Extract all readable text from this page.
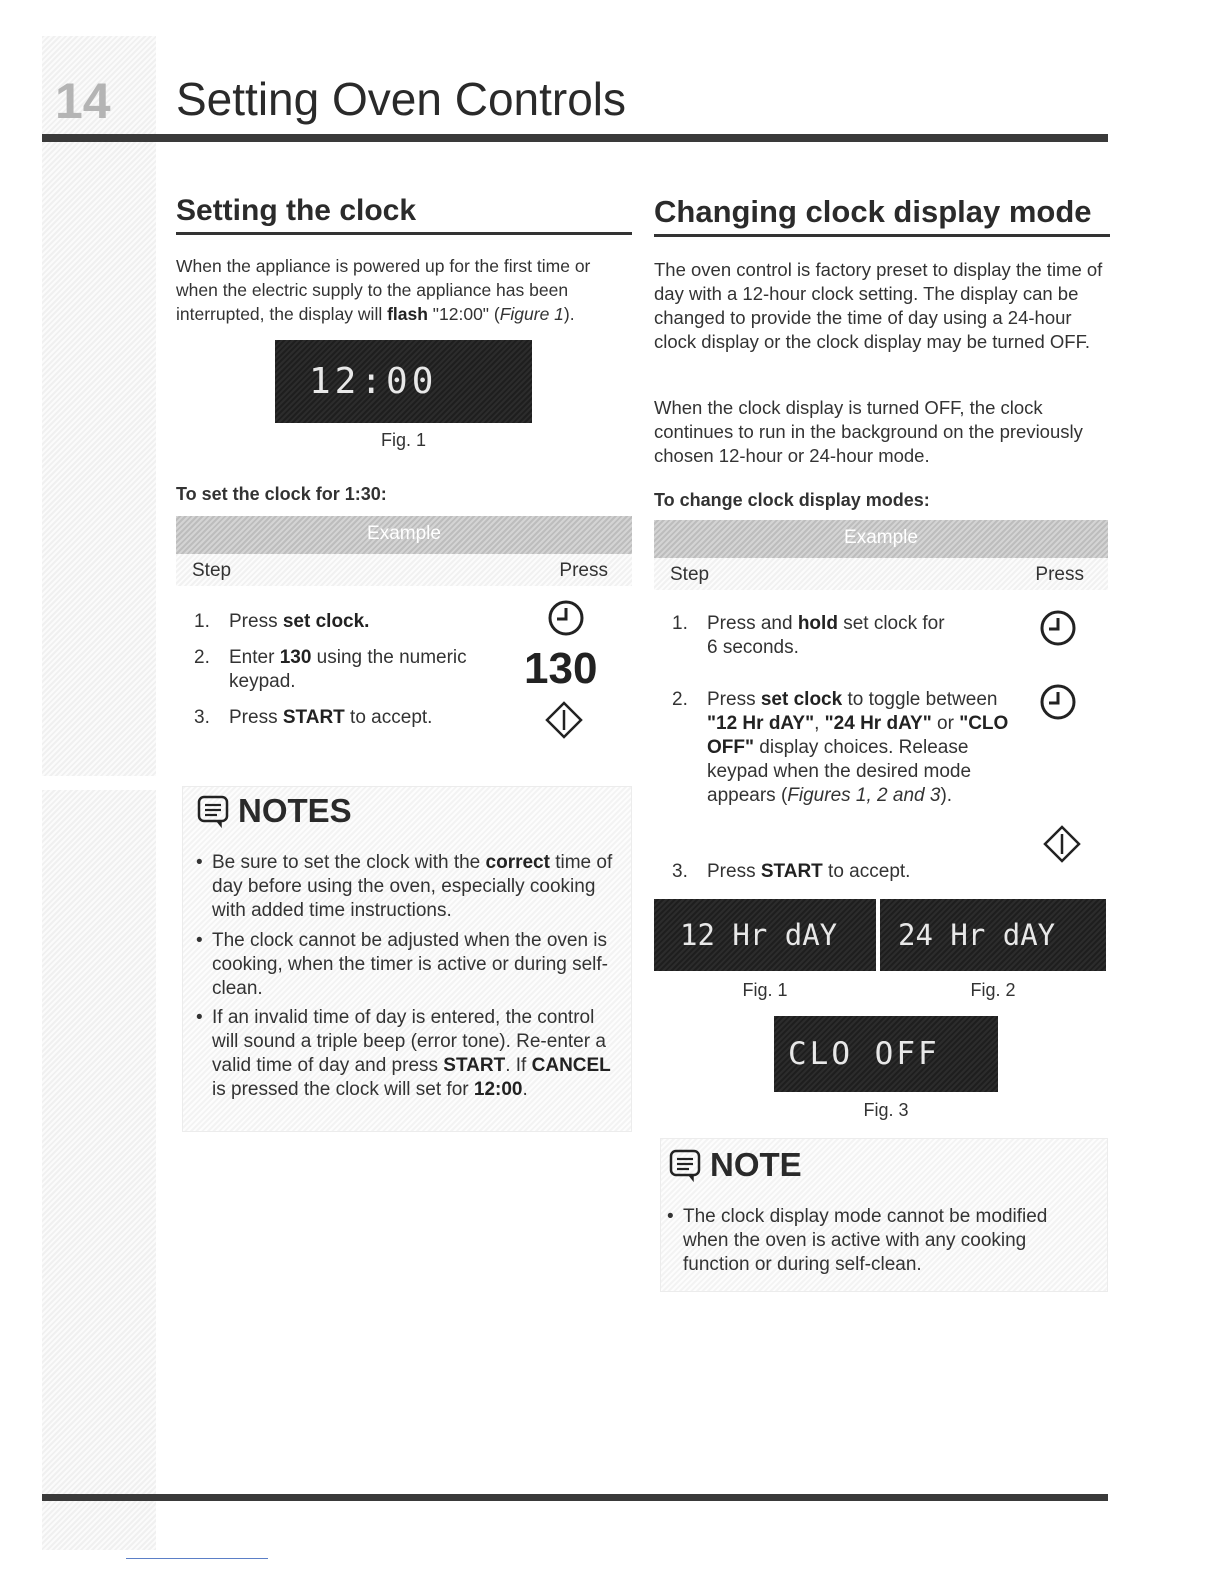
14 Setting Oven Controls
Setting the clock

When the appliance is powered up for the first time or when the electric supply to the appliance has been interrupted, the display will flash "12:00" (Figure 1).

12:00
Fig. 1
To set the clock for 1:30:
Example
Step	Press
1. Press set clock.
2. Enter 130 using the numeric keypad.	130
3. Press START to accept.
NOTES
• Be sure to set the clock with the correct time of day before using the oven, especially cooking with added time instructions.
• The clock cannot be adjusted when the oven is cooking, when the timer is active or during self-clean.
• If an invalid time of day is entered, the control will sound a triple beep (error tone). Re-enter a valid time of day and press START. If CANCEL is pressed the clock will set for 12:00.
Changing clock display mode

The oven control is factory preset to display the time of day with a 12-hour clock setting. The display can be changed to provide the time of day using a 24-hour clock display or the clock display may be turned OFF.

When the clock display is turned OFF, the clock continues to run in the background on the previously chosen 12-hour or 24-hour mode.

To change clock display modes:
Example
Step	Press
1. Press and hold set clock for 6 seconds.
2. Press set clock to toggle between "12 Hr dAY", "24 Hr dAY" or "CLO OFF" display choices. Release keypad when the desired mode appears (Figures 1, 2 and 3).
3. Press START to accept.
12 Hr dAY 24 Hr dAY
Fig. 1	Fig. 2
CLO OFF
Fig. 3
NOTE
• The clock display mode cannot be modified when the oven is active with any cooking function or during self-clean.
